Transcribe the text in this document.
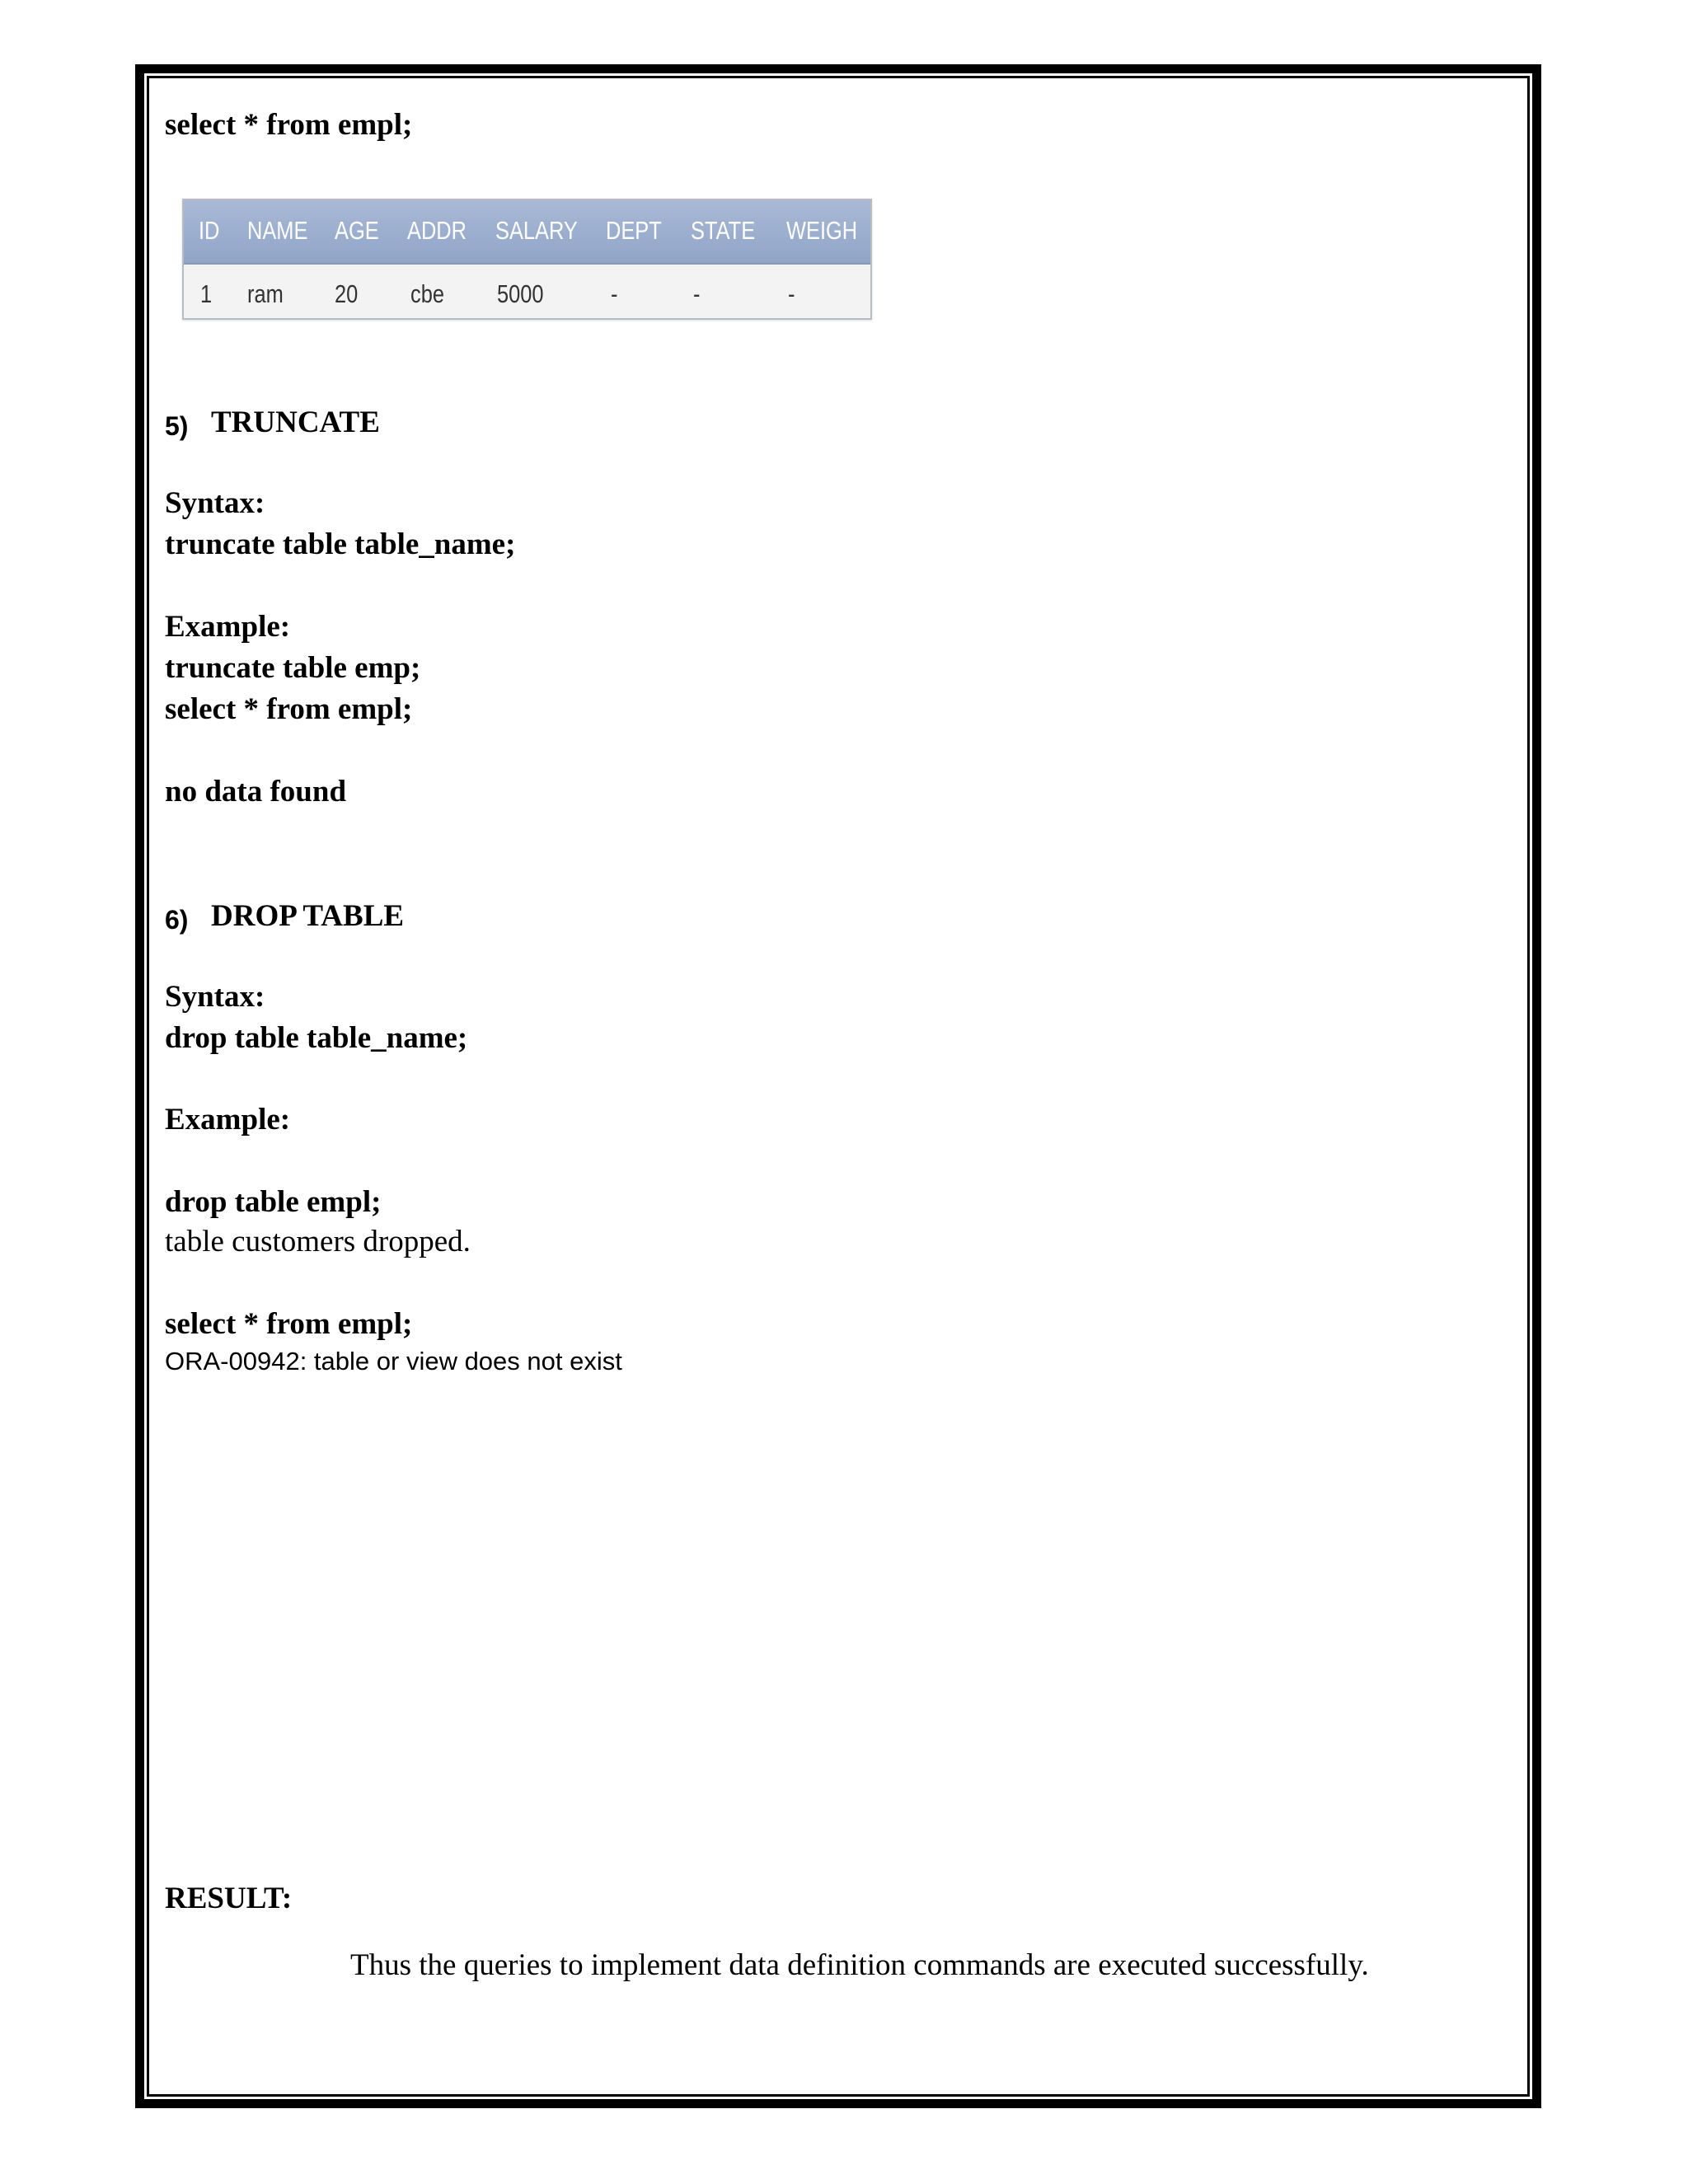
select * from empl;

ID NAME AGE ADDR SALARY DEPT STATE WEIGH
1 ram 20 cbe 5000	-	-	-
5) TRUNCATE

Syntax:

truncate table table_name;

Example:

truncate table emp;

select * from empl;

no data found

6) DROP TABLE

Syntax:

drop table table_name;

Example:

drop table empl;

table customers dropped.

select * from empl;

ORA-00942: table or view does not exist

RESULT:

Thus the queries to implement data definition commands are executed successfully.
